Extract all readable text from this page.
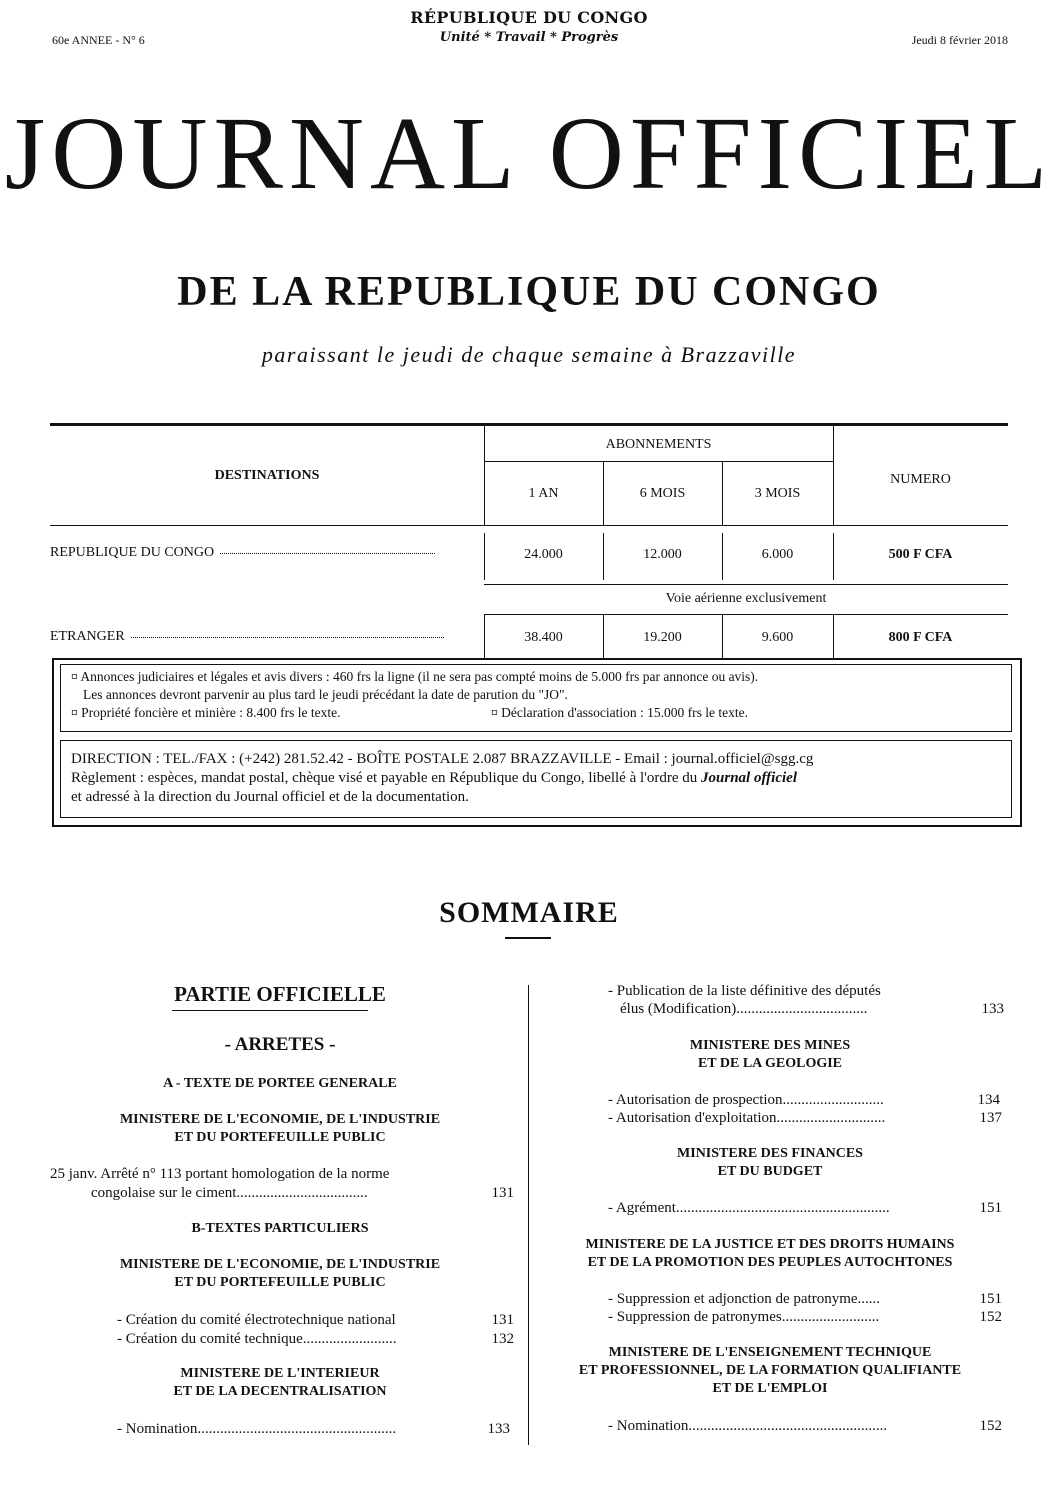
RÉPUBLIQUE DU CONGO
Unité * Travail * Progrès
60e ANNEE - N° 6	Jeudi 8 février 2018
JOURNAL OFFICIEL
DE LA REPUBLIQUE DU CONGO
paraissant le jeudi de chaque semaine à Brazzaville
DESTINATIONS
ABONNEMENTS
NUMERO
1 AN	6 MOIS	3 MOIS
REPUBLIQUE DU CONGO	24.000	12.000	6.000	500 F CFA
Voie aérienne exclusivement
ETRANGER	38.400	19.200	9.600	800 F CFA
¤ Annonces judiciaires et légales et avis divers : 460 frs la ligne (il ne sera pas compté moins de 5.000 frs par annonce ou avis).
Les annonces devront parvenir au plus tard le jeudi précédant la date de parution du "JO".
¤ Propriété foncière et minière : 8.400 frs le texte.	¤ Déclaration d'association : 15.000 frs le texte.
DIRECTION : TEL./FAX : (+242) 281.52.42 - BOÎTE POSTALE 2.087 BRAZZAVILLE - Email : journal.officiel@sgg.cg
Règlement : espèces, mandat postal, chèque visé et payable en République du Congo, libellé à l'ordre du Journal officiel
et adressé à la direction du Journal officiel et de la documentation.
SOMMAIRE
PARTIE OFFICIELLE
- ARRETES -
A - TEXTE DE PORTEE GENERALE
MINISTERE DE L'ECONOMIE, DE L'INDUSTRIE
ET DU PORTEFEUILLE PUBLIC
25 janv. Arrêté n° 113 portant homologation de la norme
congolaise sur le ciment...................................	131
B-TEXTES PARTICULIERS
MINISTERE DE L'ECONOMIE, DE L'INDUSTRIE
ET DU PORTEFEUILLE PUBLIC
- Création du comité électrotechnique national	131
- Création du comité technique.........................	132
MINISTERE DE L'INTERIEUR
ET DE LA DECENTRALISATION
- Nomination.....................................................	133
- Publication de la liste définitive des députés
élus (Modification)...................................	133
MINISTERE DES MINES
ET DE LA GEOLOGIE
- Autorisation de prospection...........................	134
- Autorisation d'exploitation.............................	137
MINISTERE DES FINANCES
ET DU BUDGET
- Agrément.........................................................	151
MINISTERE DE LA JUSTICE ET DES DROITS HUMAINS
ET DE LA PROMOTION DES PEUPLES AUTOCHTONES
- Suppression et adjonction de patronyme......	151
- Suppression de patronymes..........................	152
MINISTERE DE L'ENSEIGNEMENT TECHNIQUE
ET PROFESSIONNEL, DE LA FORMATION QUALIFIANTE
ET DE L'EMPLOI
- Nomination.....................................................	152
